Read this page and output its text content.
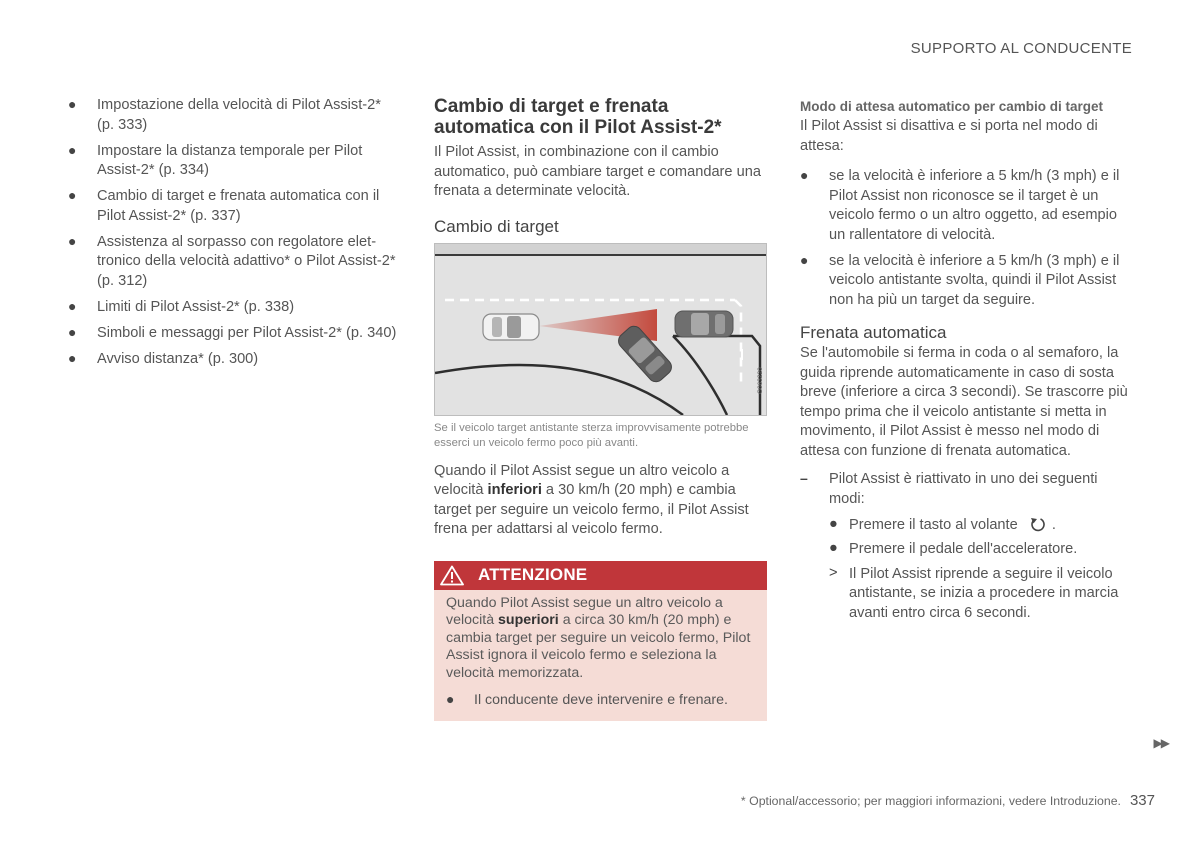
SUPPORTO AL CONDUCENTE
● Impostazione della velocità di Pilot Assist-2* (p. 333)
● Impostare la distanza temporale per Pilot Assist-2* (p. 334)
● Cambio di target e frenata automatica con il Pilot Assist-2* (p. 337)
● Assistenza al sorpasso con regolatore elet-tronico della velocità adattivo* o Pilot Assist-2* (p. 312)
● Limiti di Pilot Assist-2* (p. 338)
● Simboli e messaggi per Pilot Assist-2* (p. 340)
● Avviso distanza* (p. 300)
Cambio di target e frenata
automatica con il Pilot Assist-2*

Il Pilot Assist, in combinazione con il cambio automatico, può cambiare target e comandare una frenata a determinate velocità.

Cambio di target
G063220
Se il veicolo target antistante sterza improvvisamente potrebbe esserci un veicolo fermo poco più avanti.

Quando il Pilot Assist segue un altro veicolo a velocità inferiori a 30 km/h (20 mph) e cambia target per seguire un veicolo fermo, il Pilot Assist frena per adattarsi al veicolo fermo.

ATTENZIONE

Quando Pilot Assist segue un altro veicolo a velocità superiori a circa 30 km/h (20 mph) e cambia target per seguire un veicolo fermo, Pilot Assist ignora il veicolo fermo e seleziona la velocità memorizzata.

● Il conducente deve intervenire e frenare.
Modo di attesa automatico per cambio di target

Il Pilot Assist si disattiva e si porta nel modo di attesa:

● se la velocità è inferiore a 5 km/h (3 mph) e il Pilot Assist non riconosce se il target è un veicolo fermo o un altro oggetto, ad esempio un rallentatore di velocità.
● se la velocità è inferiore a 5 km/h (3 mph) e il veicolo antistante svolta, quindi il Pilot Assist non ha più un target da seguire.
Frenata automatica

Se l'automobile si ferma in coda o al semaforo, la guida riprende automaticamente in caso di sosta breve (inferiore a circa 3 secondi). Se trascorre più tempo prima che il veicolo antistante si metta in movimento, il Pilot Assist è messo nel modo di attesa con funzione di frenata automatica.

– Pilot Assist è riattivato in uno dei seguenti modi:
● Premere il tasto al volante .
● Premere il pedale dell'acceleratore.
> Il Pilot Assist riprende a seguire il veicolo antistante, se inizia a procedere in marcia avanti entro circa 6 secondi.
▶▶
* Optional/accessorio; per maggiori informazioni, vedere Introduzione. 337
